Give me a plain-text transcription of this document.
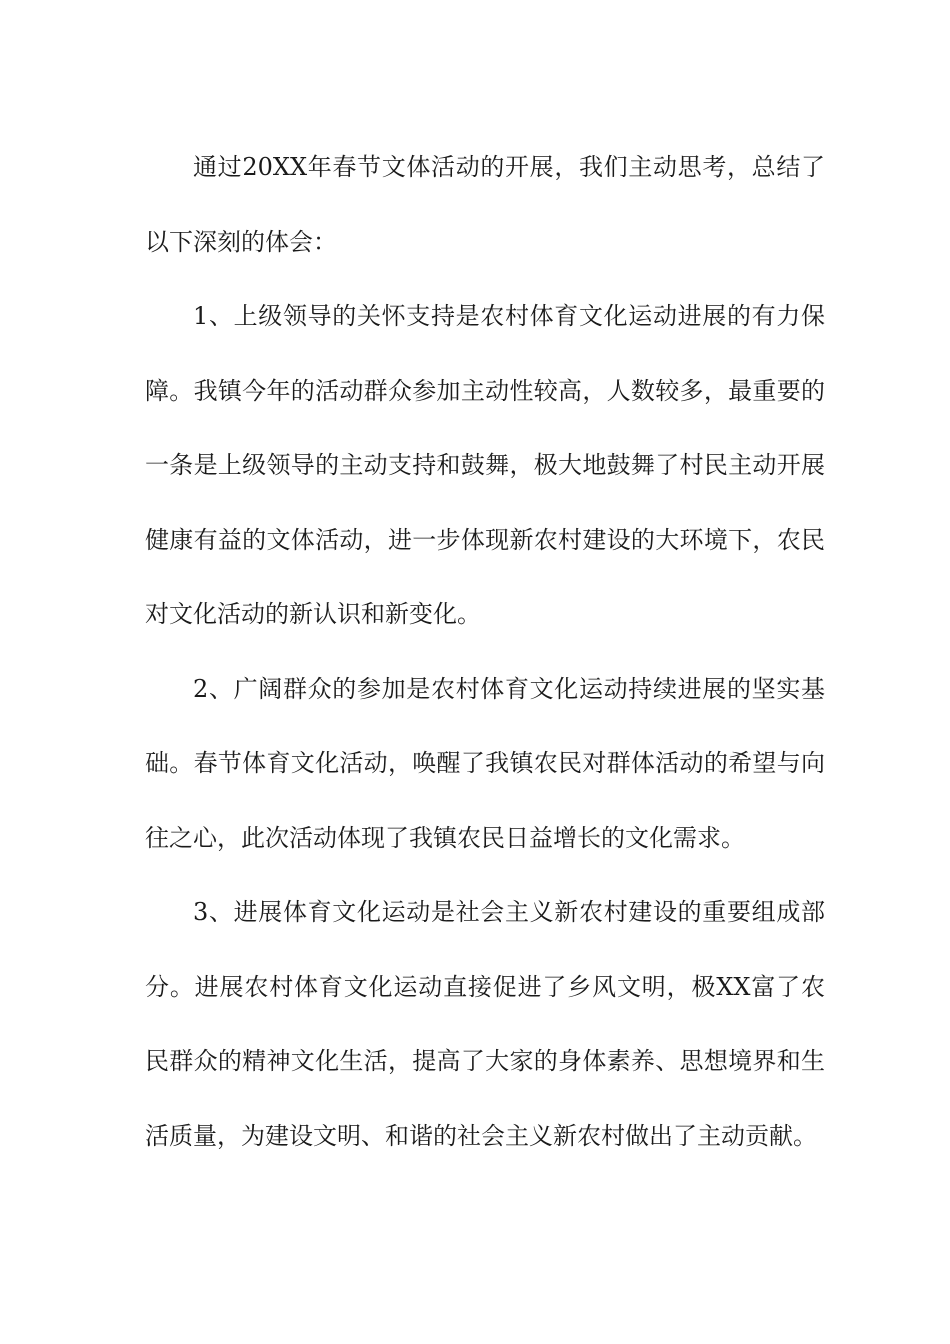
通过20XX年春节文体活动的开展，我们主动思考，总结了以下深刻的体会：

1、上级领导的关怀支持是农村体育文化运动进展的有力保障。我镇今年的活动群众参加主动性较高，人数较多，最重要的一条是上级领导的主动支持和鼓舞，极大地鼓舞了村民主动开展健康有益的文体活动，进一步体现新农村建设的大环境下，农民对文化活动的新认识和新变化。

2、广阔群众的参加是农村体育文化运动持续进展的坚实基础。春节体育文化活动，唤醒了我镇农民对群体活动的希望与向往之心，此次活动体现了我镇农民日益增长的文化需求。

3、进展体育文化运动是社会主义新农村建设的重要组成部分。进展农村体育文化运动直接促进了乡风文明，极XX富了农民群众的精神文化生活，提高了大家的身体素养、思想境界和生活质量，为建设文明、和谐的社会主义新农村做出了主动贡献。
